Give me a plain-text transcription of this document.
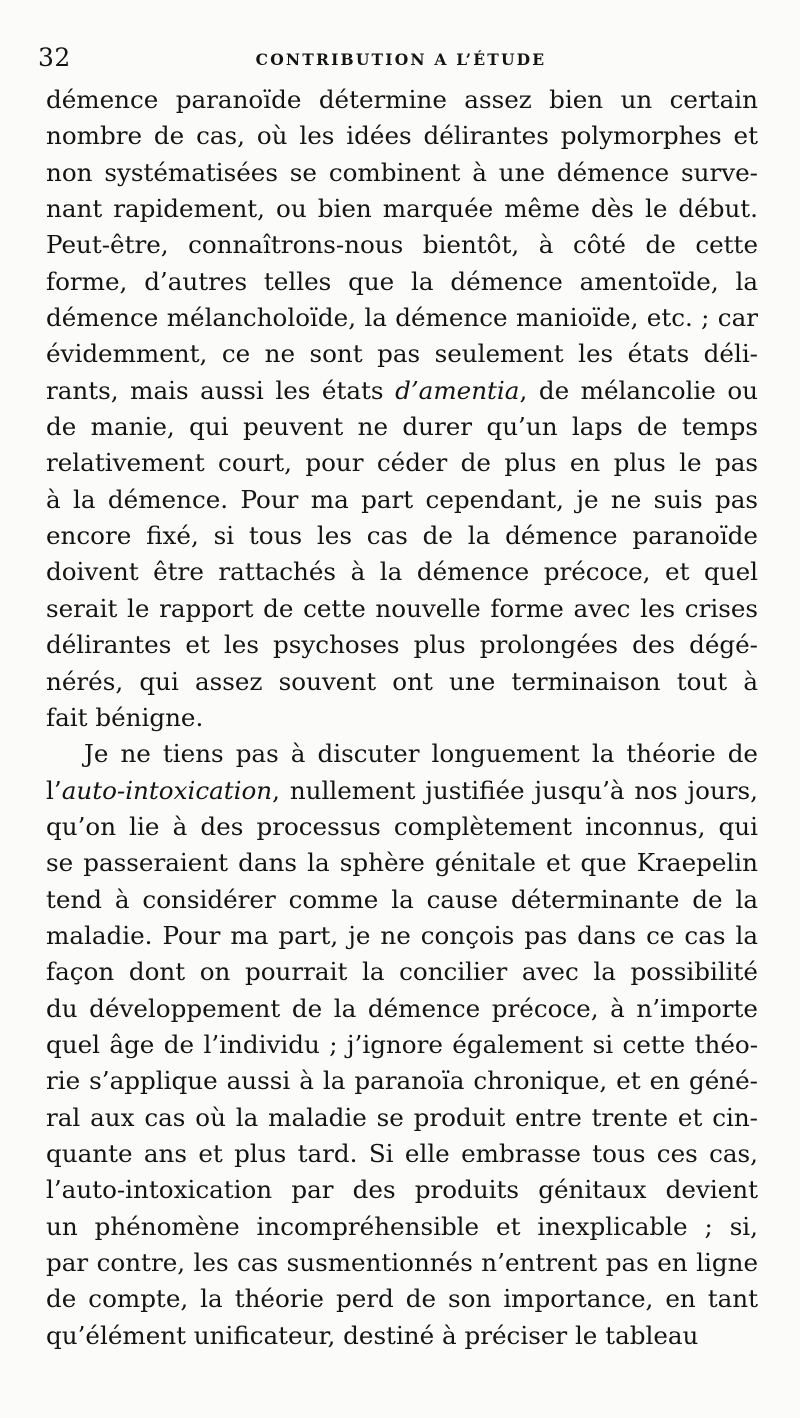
32	CONTRIBUTION A L’ÉTUDE
démence paranoïde détermine assez bien un certain
nombre de cas, où les idées délirantes polymorphes et
non systématisées se combinent à une démence surve-
nant rapidement, ou bien marquée même dès le début.
Peut-être, connaîtrons-nous bientôt, à côté de cette
forme, d’autres telles que la démence amentoïde, la
démence mélancholoïde, la démence manioïde, etc. ; car
évidemment, ce ne sont pas seulement les états déli-
rants, mais aussi les états d’amentia, de mélancolie ou
de manie, qui peuvent ne durer qu’un laps de temps
relativement court, pour céder de plus en plus le pas
à la démence. Pour ma part cependant, je ne suis pas
encore fixé, si tous les cas de la démence paranoïde
doivent être rattachés à la démence précoce, et quel
serait le rapport de cette nouvelle forme avec les crises
délirantes et les psychoses plus prolongées des dégé-
nérés, qui assez souvent ont une terminaison tout à
fait bénigne.
Je ne tiens pas à discuter longuement la théorie de
l’auto-intoxication, nullement justifiée jusqu’à nos jours,
qu’on lie à des processus complètement inconnus, qui
se passeraient dans la sphère génitale et que Kraepelin
tend à considérer comme la cause déterminante de la
maladie. Pour ma part, je ne conçois pas dans ce cas la
façon dont on pourrait la concilier avec la possibilité
du développement de la démence précoce, à n’importe
quel âge de l’individu ; j’ignore également si cette théo-
rie s’applique aussi à la paranoïa chronique, et en géné-
ral aux cas où la maladie se produit entre trente et cin-
quante ans et plus tard. Si elle embrasse tous ces cas,
l’auto-intoxication par des produits génitaux devient
un phénomène incompréhensible et inexplicable ; si,
par contre, les cas susmentionnés n’entrent pas en ligne
de compte, la théorie perd de son importance, en tant
qu’élément unificateur, destiné à préciser le tableau
